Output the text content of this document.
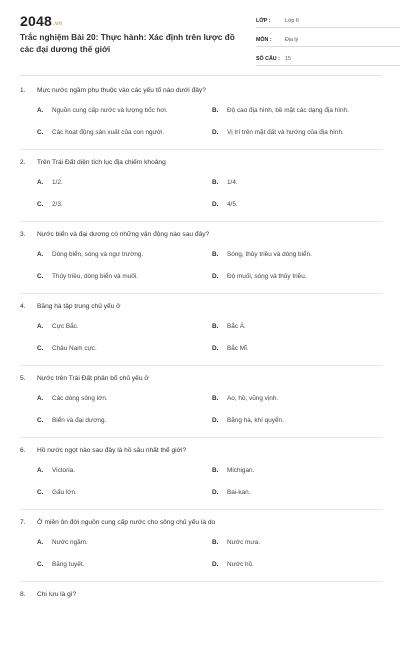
2048.vn
Trắc nghiệm Bài 20: Thực hành: Xác định trên lược đồ các đại dương thế giới
LỚP :	Lớp 6
MÔN :	Địa lý
SỐ CÂU : 15
1.	Mực nước ngầm phụ thuộc vào các yếu tố nào dưới đây?
A.	Nguồn cung cấp nước và lượng bốc hơi.	B.	Độ cao địa hình, bề mặt các dạng địa hình.
C.	Các hoạt động sản xuất của con người.	D.	Vị trí trên mặt đất và hướng của địa hình.
2.	Trên Trái Đất diện tích lục địa chiếm khoảng
A.	1/2.	B.	1/4.
C.	2/3.	D.	4/5.
3.	Nước biển và đại dương có những vận động nào sau đây?
A.	Dòng biển, sóng và ngư trường.	B.	Sóng, thủy triều và dòng biển.
C.	Thủy triều, dòng biển và muối.	D.	Độ muối, sóng và thủy triều.
4.	Băng hà tập trung chủ yếu ở
A.	Cực Bắc.	B.	Bắc Á.
C.	Châu Nam cực.	D.	Bắc Mĩ.
5.	Nước trên Trái Đất phân bố chủ yếu ở
A.	Các dòng sông lớn.	B.	Ao, hồ, vũng vịnh.
C.	Biển và đại dương.	D.	Băng hà, khí quyển.
6.	Hồ nước ngọt nào sau đây là hồ sâu nhất thế giới?
A.	Victoria.	B.	Michigan.
C.	Gấu lớn.	D.	Bai-kan.
7.	Ở miền ôn đới nguồn cung cấp nước cho sông chủ yếu là do
A.	Nước ngầm.	B.	Nước mưa.
C.	Băng tuyết.	D.	Nước hồ.
8.	Chi lưu là gì?
